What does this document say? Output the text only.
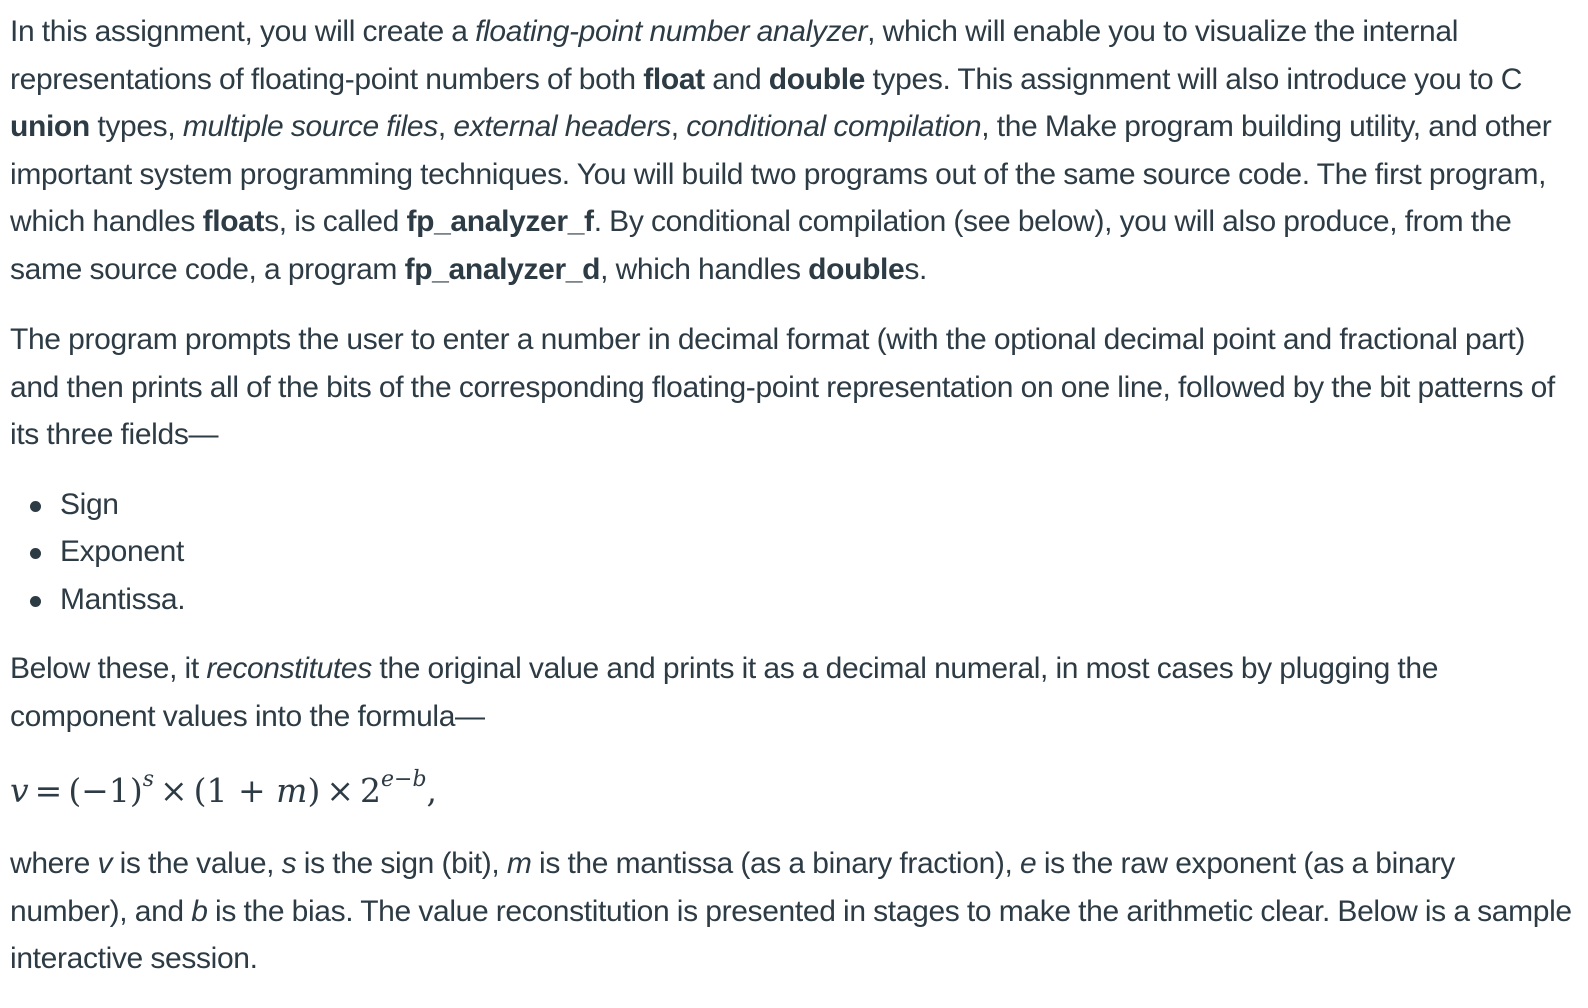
In this assignment, you will create a floating-point number analyzer, which will enable you to visualize the internal representations of floating-point numbers of both float and double types. This assignment will also introduce you to C union types, multiple source files, external headers, conditional compilation, the Make program building utility, and other important system programming techniques. You will build two programs out of the same source code. The first program, which handles floats, is called fp_analyzer_f. By conditional compilation (see below), you will also produce, from the same source code, a program fp_analyzer_d, which handles doubles.

The program prompts the user to enter a number in decimal format (with the optional decimal point and fractional part) and then prints all of the bits of the corresponding floating-point representation on one line, followed by the bit patterns of its three fields—

Sign
Exponent
Mantissa.

Below these, it reconstitutes the original value and prints it as a decimal numeral, in most cases by plugging the component values into the formula—

$v = (-1)^s \times (1 + m) \times 2^{e-b}$,

where v is the value, s is the sign (bit), m is the mantissa (as a binary fraction), e is the raw exponent (as a binary number), and b is the bias. The value reconstitution is presented in stages to make the arithmetic clear. Below is a sample interactive session.
